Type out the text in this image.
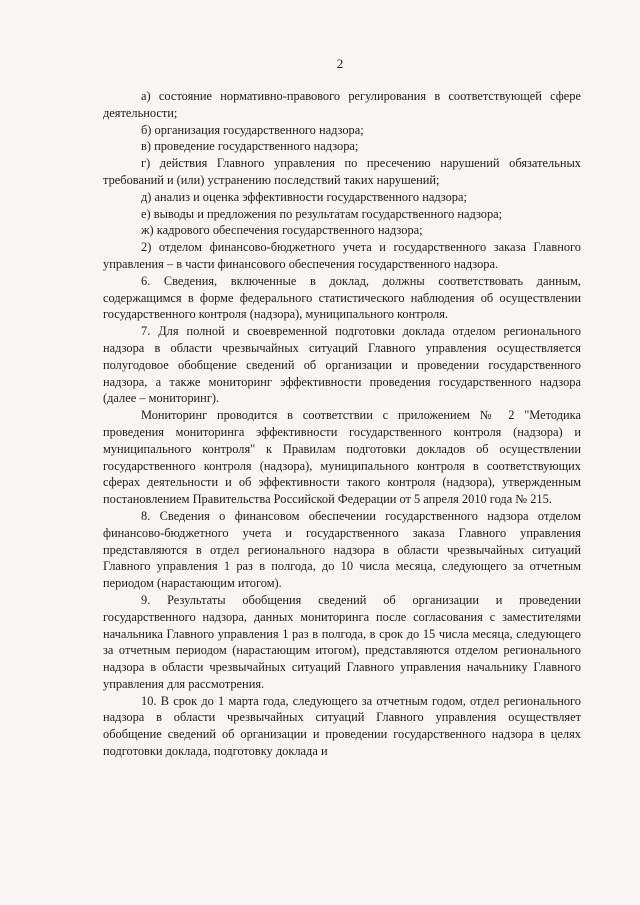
2

а) состояние нормативно-правового регулирования в соответствующей сфере деятельности;

б) организация государственного надзора;

в) проведение государственного надзора;

г) действия Главного управления по пресечению нарушений обязательных требований и (или) устранению последствий таких нарушений;

д) анализ и оценка эффективности государственного надзора;

е) выводы и предложения по результатам государственного надзора;

ж) кадрового обеспечения государственного надзора;

2) отделом финансово-бюджетного учета и государственного заказа Главного управления – в части финансового обеспечения государственного надзора.

6. Сведения, включенные в доклад, должны соответствовать данным, содержащимся в форме федерального статистического наблюдения об осуществлении государственного контроля (надзора), муниципального контроля.

7. Для полной и своевременной подготовки доклада отделом регионального надзора в области чрезвычайных ситуаций Главного управления осуществляется полугодовое обобщение сведений об организации и проведении государственного надзора, а также мониторинг эффективности проведения государственного надзора (далее – мониторинг).

Мониторинг проводится в соответствии с приложением № 2 "Методика проведения мониторинга эффективности государственного контроля (надзора) и муниципального контроля" к Правилам подготовки докладов об осуществлении государственного контроля (надзора), муниципального контроля в соответствующих сферах деятельности и об эффективности такого контроля (надзора), утвержденным постановлением Правительства Российской Федерации от 5 апреля 2010 года № 215.

8. Сведения о финансовом обеспечении государственного надзора отделом финансово-бюджетного учета и государственного заказа Главного управления представляются в отдел регионального надзора в области чрезвычайных ситуаций Главного управления 1 раз в полгода, до 10 числа месяца, следующего за отчетным периодом (нарастающим итогом).

9. Результаты обобщения сведений об организации и проведении государственного надзора, данных мониторинга после согласования с заместителями начальника Главного управления 1 раз в полгода, в срок до 15 числа месяца, следующего за отчетным периодом (нарастающим итогом), представляются отделом регионального надзора в области чрезвычайных ситуаций Главного управления начальнику Главного управления для рассмотрения.

10. В срок до 1 марта года, следующего за отчетным годом, отдел регионального надзора в области чрезвычайных ситуаций Главного управления осуществляет обобщение сведений об организации и проведении государственного надзора в целях подготовки доклада, подготовку доклада и
